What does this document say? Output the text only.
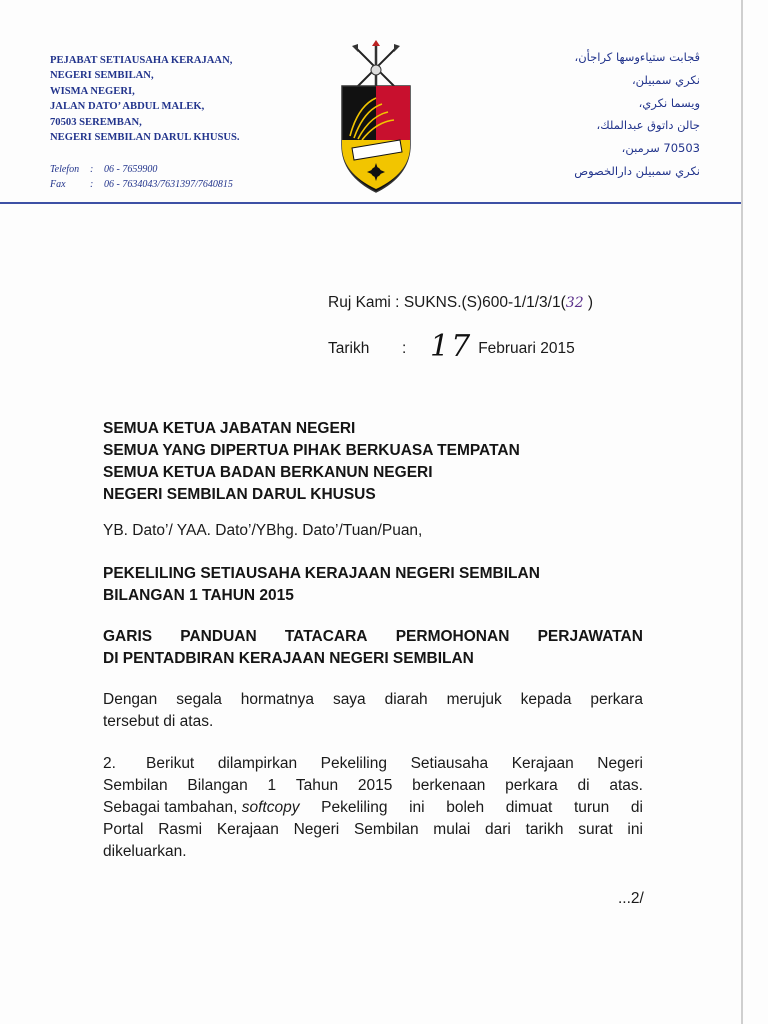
PEJABAT SETIAUSAHA KERAJAAN,
NEGERI SEMBILAN,
WISMA NEGERI,
JALAN DATO’ ABDUL MALEK,
70503 SEREMBAN,
NEGERI SEMBILAN DARUL KHUSUS.
Telefon	:	06 - 7659900
Fax	:	06 - 7634043/7631397/7640815
ڤجابت ستياءوسها كراجأن،
نكري سمبيلن،
ويسما نكري،
جالن داتوق عبدالملك،
70503 سرمبن،
نكري سمبيلن دارالخصوص
Ruj Kami : SUKNS.(S)600-1/1/3/1(32 )
Tarikh	: 17 Februari 2015
SEMUA KETUA JABATAN NEGERI
SEMUA YANG DIPERTUA PIHAK BERKUASA TEMPATAN
SEMUA KETUA BADAN BERKANUN NEGERI
NEGERI SEMBILAN DARUL KHUSUS
YB. Dato’/ YAA. Dato’/YBhg. Dato’/Tuan/Puan,
PEKELILING SETIAUSAHA KERAJAAN NEGERI SEMBILAN
BILANGAN 1 TAHUN 2015
GARIS PANDUAN TATACARA PERMOHONAN PERJAWATAN
DI PENTADBIRAN KERAJAAN NEGERI SEMBILAN
Dengan segala hormatnya saya diarah merujuk kepada perkara
tersebut di atas.
2. Berikut dilampirkan Pekeliling Setiausaha Kerajaan Negeri
Sembilan Bilangan 1 Tahun 2015 berkenaan perkara di atas.
Sebagai tambahan, softcopy Pekeliling ini boleh dimuat turun di
Portal Rasmi Kerajaan Negeri Sembilan mulai dari tarikh surat ini
dikeluarkan.
...2/
